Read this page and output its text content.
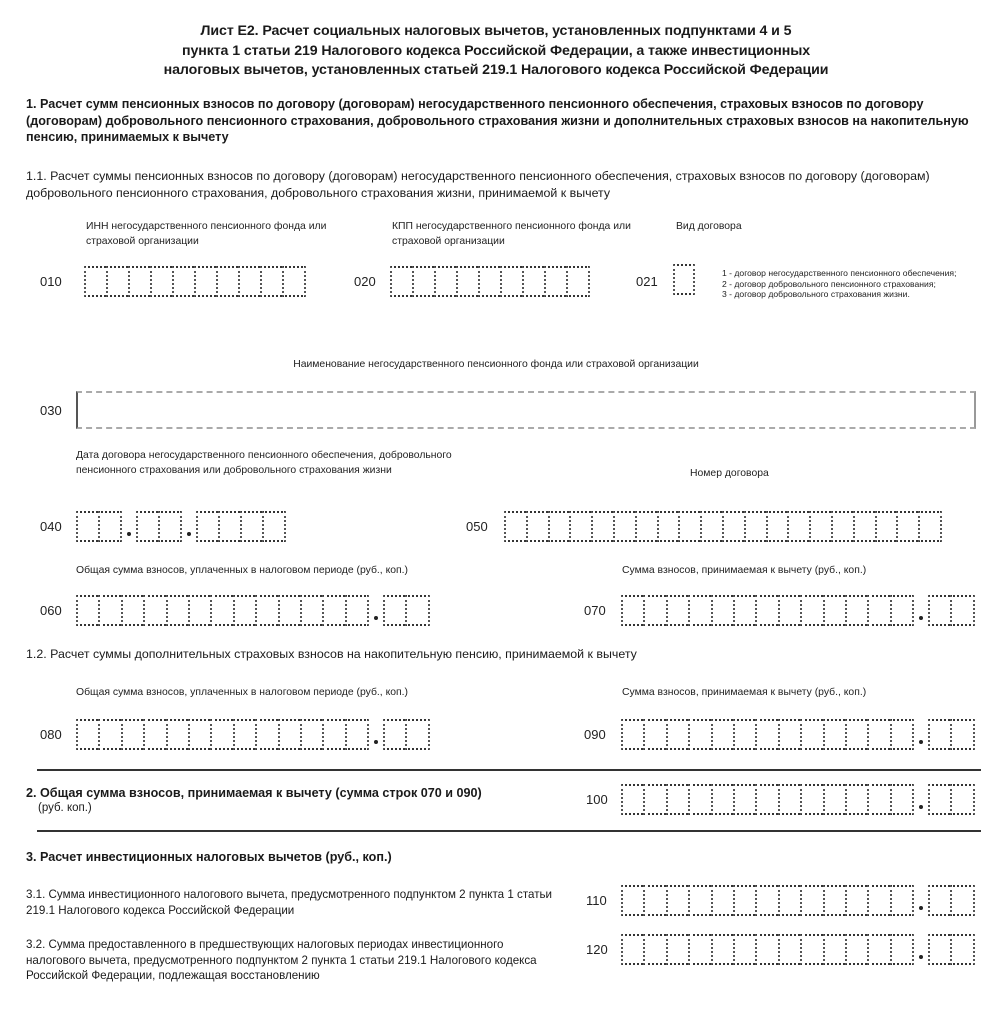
Лист Е2. Расчет социальных налоговых вычетов, установленных подпунктами 4 и 5
пункта 1 статьи 219 Налогового кодекса Российской Федерации, а также инвестиционных
налоговых вычетов, установленных статьей 219.1 Налогового кодекса Российской Федерации
1. Расчет сумм пенсионных взносов по договору (договорам) негосударственного пенсионного обеспечения, страховых взносов по договору (договорам) добровольного пенсионного страхования, добровольного страхования жизни и дополнительных страховых взносов на накопительную пенсию, принимаемых к вычету
1.1. Расчет суммы пенсионных взносов по договору (договорам) негосударственного пенсионного обеспечения, страховых взносов по договору (договорам) добровольного пенсионного страхования, добровольного страхования жизни, принимаемой к вычету
ИНН негосударственного пенсионного фонда или страховой организации
010
КПП негосударственного пенсионного фонда или страховой организации
020
Вид договора
021
1 - договор негосударственного пенсионного обеспечения;
2 - договор добровольного пенсионного страхования;
3 - договор добровольного страхования жизни.
Наименование негосударственного пенсионного фонда или страховой организации
030
Дата договора негосударственного пенсионного обеспечения, добровольного пенсионного страхования или добровольного страхования жизни
040
Номер договора
050
Общая сумма взносов, уплаченных в налоговом периоде (руб., коп.)
060
Сумма взносов, принимаемая к вычету (руб., коп.)
070
1.2. Расчет суммы дополнительных страховых взносов на накопительную пенсию, принимаемой к вычету
Общая сумма взносов, уплаченных в налоговом периоде (руб., коп.)
080
Сумма взносов, принимаемая к вычету (руб., коп.)
090
2. Общая сумма взносов, принимаемая к вычету (сумма строк 070 и 090)
(руб. коп.)
100
3. Расчет инвестиционных налоговых вычетов (руб., коп.)
3.1. Сумма инвестиционного налогового вычета, предусмотренного подпунктом 2 пункта 1 статьи 219.1 Налогового кодекса Российской Федерации
110
3.2. Сумма предоставленного в предшествующих налоговых периодах инвестиционного налогового вычета, предусмотренного подпунктом 2 пункта 1 статьи 219.1 Налогового кодекса Российской Федерации, подлежащая восстановлению
120
